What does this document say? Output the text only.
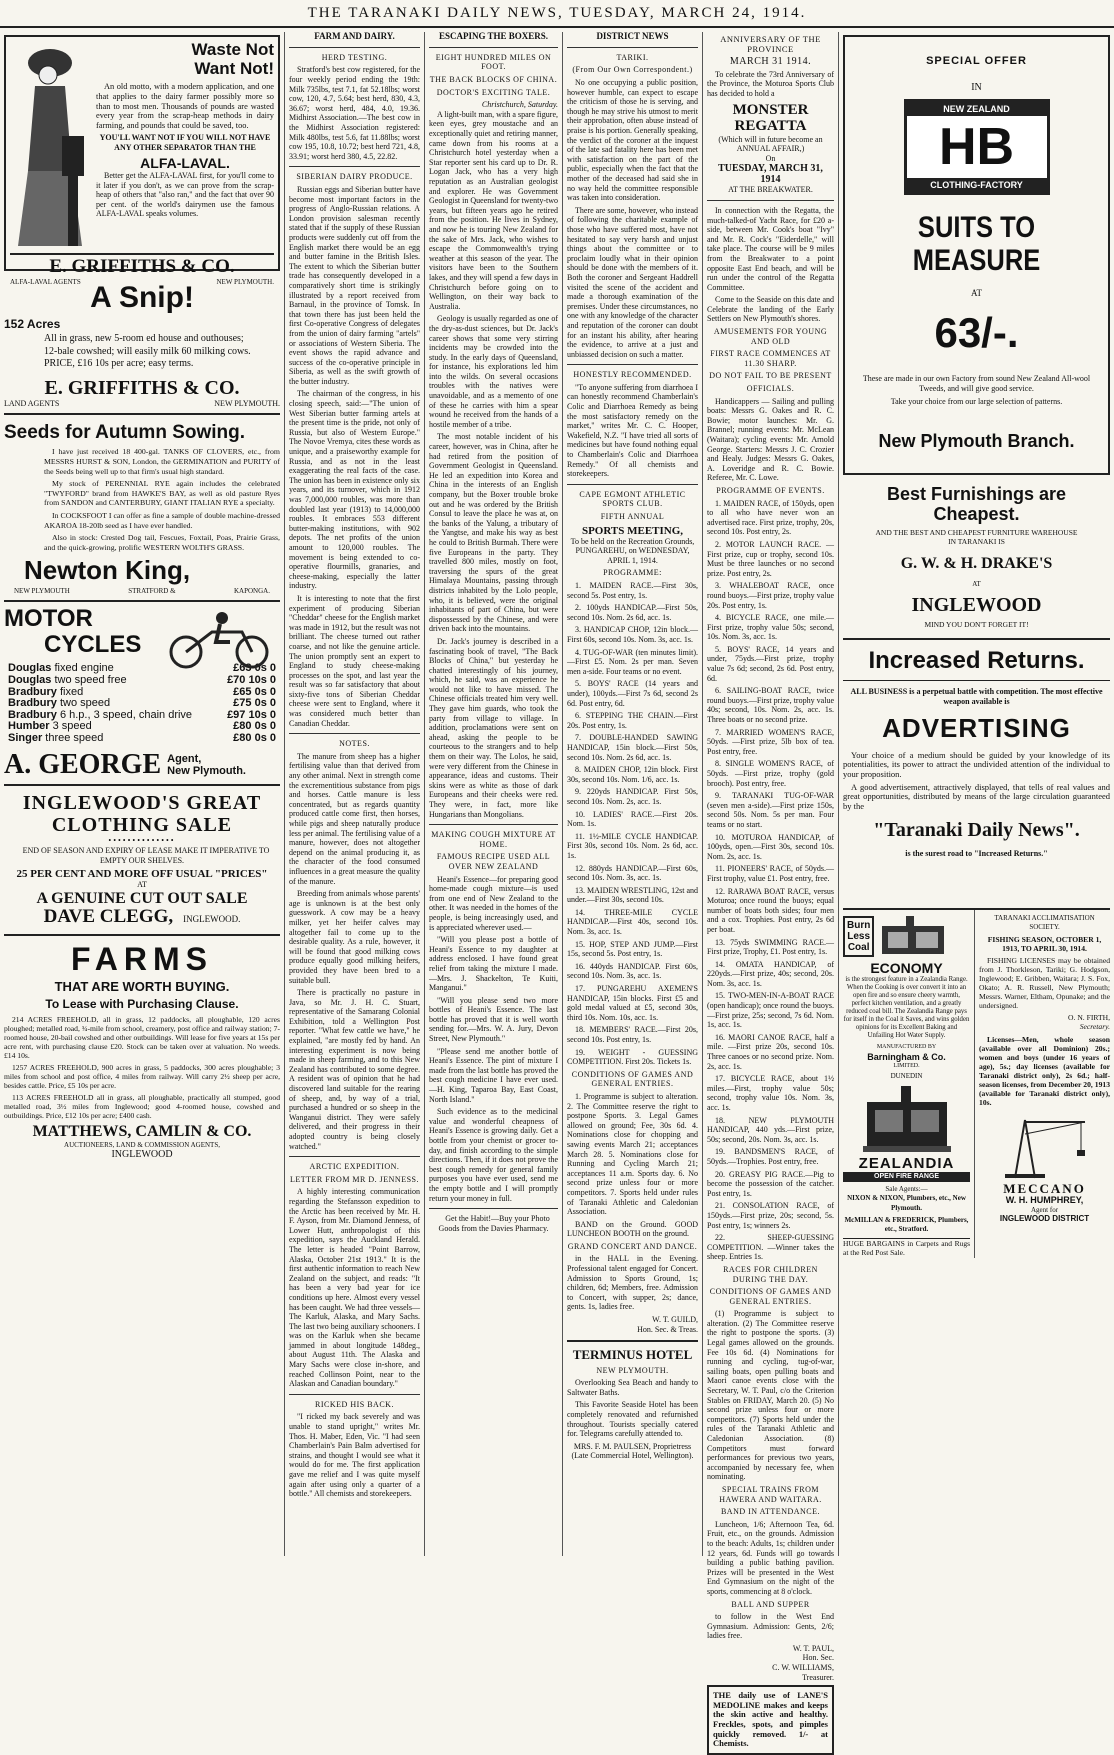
THE TARANAKI DAILY NEWS, TUESDAY, MARCH 24, 1914.
Waste Not
Want Not!

An old motto, with a modern application, and one that applies to the dairy farmer possibly more so than to most men. Thousands of pounds are wasted every year from the scrap-heap methods in dairy farming, and pounds that could be saved, too.

YOU'LL WANT NOT IF YOU WILL NOT HAVE ANY OTHER SEPARATOR THAN THE

ALFA-LAVAL.

Better get the ALFA-LAVAL first, for you'll come to it later if you don't, as we can prove from the scrap-heap of others that "also ran," and the fact that over 90 per cent. of the world's dairymen use the famous ALFA-LAVAL speaks volumes.

E. GRIFFITHS & CO.
ALFA-LAVAL AGENTS	NEW PLYMOUTH.
A Snip!
152 Acres
All in grass, new 5-room ed house and outhouses;
12-bale cowshed; will easily milk 60 milking cows.
PRICE, £16 10s per acre; easy terms.
E. GRIFFITHS & CO.
LAND AGENTS	NEW PLYMOUTH.
Seeds for Autumn Sowing.

I have just received 18 400-gal. TANKS OF CLOVERS, etc., from MESSRS HURST & SON, London, the GERMINATION and PURITY of the Seeds being well up to that firm's usual high standard.

My stock of PERENNIAL RYE again includes the celebrated "TWYFORD" brand from HAWKE'S BAY, as well as old pasture Ryes from SANDON and CANTERBURY, GIANT ITALIAN RYE a specialty.

In COCKSFOOT I can offer as fine a sample of double machine-dressed AKAROA 18-20lb seed as I have ever handled.

Also in stock: Crested Dog tail, Fescues, Foxtail, Poas, Prairie Grass, and the quick-growing, prolific WESTERN WOLTH'S GRASS.

Newton King,
NEW PLYMOUTH	STRATFORD &	KAPONGA.
MOTOR
CYCLES
Douglas fixed engine	£63 0s 0
Douglas two speed free	£70 10s 0
Bradbury fixed	£65 0s 0
Bradbury two speed	£75 0s 0
Bradbury 6 h.p., 3 speed, chain drive	£97 10s 0
Humber 3 speed	£80 0s 0
Singer three speed	£80 0s 0
A. GEORGE Agent,
New Plymouth.
INGLEWOOD'S GREAT
CLOTHING SALE
••••••••••••••

END OF SEASON AND EXPIRY OF LEASE MAKE IT IMPERATIVE TO EMPTY OUR SHELVES.

25 PER CENT AND MORE OFF USUAL "PRICES"
AT
A GENUINE CUT OUT SALE
DAVE CLEGG, INGLEWOOD.
FARMS
THAT ARE WORTH BUYING.
To Lease with Purchasing Clause.

214 ACRES FREEHOLD, all in grass, 12 paddocks, all ploughable, 120 acres ploughed; metalled road, ¾-mile from school, creamery, post office and railway station; 7-roomed house, 20-bail cowshed and other outbuildings. Will lease for five years at 15s per acre rent, with purchasing clause £20. Stock can be taken over at valuation. No weeds. £14 10s.

1257 ACRES FREEHOLD, 900 acres in grass, 5 paddocks, 300 acres ploughable; 3 miles from school and post office, 4 miles from railway. Will carry 2½ sheep per acre, besides cattle. Price, £5 10s per acre.

113 ACRES FREEHOLD all in grass, all ploughable, practically all stumped, good metalled road, 3½ miles from Inglewood; good 4-roomed house, cowshed and outbuildings. Price, £12 10s per acre; £400 cash.

MATTHEWS, CAMLIN & CO.
AUCTIONEERS, LAND & COMMISSION AGENTS,
INGLEWOOD
FARM AND DAIRY.
HERD TESTING.

Stratford's best cow registered, for the four weekly period ending the 19th: Milk 735lbs, test 7.1, fat 52.18lbs; worst cow, 120, 4.7, 5.64; best herd, 830, 4.3, 36.67; worst herd, 484, 4.0, 19.36. Midhirst Association.—The best cow in the Midhirst Association registered: Milk 480lbs, test 5.6, fat 11.88lbs; worst cow 195, 10.8, 10.72; best herd 721, 4.8, 33.91; worst herd 380, 4.5, 22.82.

SIBERIAN DAIRY PRODUCE.

Russian eggs and Siberian butter have become most important factors in the progress of Anglo-Russian relations. A London provision salesman recently stated that if the supply of these Russian products were suddenly cut off from the English market there would be an egg and butter famine in the British Isles. The extent to which the Siberian butter trade has consequently developed in a comparatively short time is strikingly illustrated by a report received from Barnaul, in the province of Tomsk. In that town there has just been held the first Co-operative Congress of delegates from the union of dairy farming "artels" or associations of Western Siberia. The event shows the rapid advance and success of the co-operative principle in Siberia, as well as the swift growth of the butter industry.

The chairman of the congress, in his closing speech, said:—"The union of West Siberian butter farming artels at the present time is the pride, not only of Russia, but also of Western Europe." The Novoe Vremya, cites these words as unique, and a praiseworthy example for Russia, and as not in the least exaggerating the real facts of the case. The union has been in existence only six years, and its turnover, which in 1912 was 7,000,000 roubles, was more than doubled last year (1913) to 14,000,000 roubles. It embraces 553 different butter-making institutions, with 902 depots. The net profits of the union amount to 120,000 roubles. The movement is being extended to co-operative flourmills, granaries, and cheese-making, especially the latter industry.

It is interesting to note that the first experiment of producing Siberian "Cheddar" cheese for the English market was made in 1912, but the result was not brilliant. The cheese turned out rather coarse, and not like the genuine article. The union promptly sent an expert to England to study cheese-making processes on the spot, and last year the result was so far satisfactory that about sixty-five tons of Siberian Cheddar cheese were sent to England, where it was considered much better than Canadian Cheddar.

NOTES.

The manure from sheep has a higher fertilising value than that derived from any other animal. Next in strength come the excrementitious substance from pigs and horses. Cattle manure is less concentrated, but as regards quantity produced cattle come first, then horses, while pigs and sheep naturally produce less per animal. The fertilising value of a manure, however, does not altogether depend on the animal producing it, as the character of the food consumed influences in a great measure the quality of the manure.

Breeding from animals whose parents' age is unknown is at the best only guesswork. A cow may be a heavy milker, yet her heifer calves may altogether fail to come up to the desirable quality. As a rule, however, it will be found that good milking cows produce equally good milking heifers, provided they have been bred to a suitable bull.

There is practically no pasture in Java, so Mr. J. H. C. Stuart, representative of the Samarang Colonial Exhibition, told a Wellington Post reporter. "What few cattle we have," he explained, "are mostly fed by hand. An interesting experiment is now being made in sheep farming, and to this New Zealand has contributed to some degree. A resident was of opinion that he had discovered land suitable for the rearing of sheep, and, by way of a trial, purchased a hundred or so sheep in the Wanganui district. They were safely delivered, and their progress in their adopted country is being closely watched."

ARCTIC EXPEDITION.
LETTER FROM MR D. JENNESS.

A highly interesting communication regarding the Stefansson expedition to the Arctic has been received by Mr. H. F. Ayson, from Mr. Diamond Jenness, of Lower Hutt, anthropologist of this expedition, says the Auckland Herald. The letter is headed "Point Barrow, Alaska, October 21st 1913." It is the first authentic information to reach New Zealand on the subject, and reads: "It has been a very bad year for ice conditions up here. Almost every vessel has been caught. We had three vessels—The Karluk, Alaska, and Mary Sachs. The last two being auxiliary schooners. I was on the Karluk when she became jammed in about longitude 148deg., about August 11th. The Alaska and Mary Sachs were close in-shore, and reached Collinson Point, near to the Alaskan and Canadian boundary."

RICKED HIS BACK.

"I ricked my back severely and was unable to stand upright," writes Mr. Thos. H. Maber, Eden, Vic. "I had seen Chamberlain's Pain Balm advertised for strains, and thought I would see what it would do for me. The first application gave me relief and I was quite myself again after using only a quarter of a bottle." All chemists and storekeepers.

ESCAPING THE BOXERS.
EIGHT HUNDRED MILES ON FOOT.
THE BACK BLOCKS OF CHINA.
DOCTOR'S EXCITING TALE.
Christchurch, Saturday.

A light-built man, with a spare figure, keen eyes, grey moustache and an exceptionally quiet and retiring manner, came down from his rooms at a Christchurch hotel yesterday when a Star reporter sent his card up to Dr. R. Logan Jack, who has a very high reputation as an Australian geologist and explorer. He was Government Geologist in Queensland for twenty-two years, but fifteen years ago he retired from the position. He lives in Sydney, and now he is touring New Zealand for the sake of Mrs. Jack, who wishes to escape the Commonwealth's trying weather at this season of the year. The visitors have been to the Southern lakes, and they will spend a few days in Christchurch before going on to Wellington, on their way back to Australia.

Geology is usually regarded as one of the dry-as-dust sciences, but Dr. Jack's career shows that some very stirring incidents may be crowded into the study. In the early days of Queensland, for instance, his explorations led him into the wilds. On several occasions troubles with the natives were unavoidable, and as a memento of one of these he carries with him a spear wound he received from the hands of a hostile member of a tribe.

The most notable incident of his career, however, was in China, after he had retired from the position of Government Geologist in Queensland. He led an expedition into Korea and China in the interests of an English company, but the Boxer trouble broke out and he was ordered by the British Consul to leave the place he was at, on the banks of the Yalung, a tributary of the Yangtse, and make his way as best he could to British Burmah. There were five Europeans in the party. They travelled 800 miles, mostly on foot, traversing the spurs of the great Himalaya Mountains, passing through districts inhabited by the Lolo people, who, it is believed, were the original inhabitants of part of China, but were dispossessed by the Chinese, and were driven back into the mountains.

Dr. Jack's journey is described in a fascinating book of travel, "The Back Blocks of China," but yesterday he chatted interestingly of his journey, which, he said, was an experience he would not like to have missed. The Chinese officials treated him very well. They gave him guards, who took the party from village to village. In addition, proclamations were sent on ahead, asking the people to be courteous to the strangers and to help them on their way. The Lolos, he said, were very different from the Chinese in appearance, ideas and customs. Their skins were as white as those of dark Europeans and their cheeks were red. They were, in fact, more like Hungarians than Mongolians.

MAKING COUGH MIXTURE AT HOME.
FAMOUS RECIPE USED ALL OVER NEW ZEALAND

Heani's Essence—for preparing good home-made cough mixture—is used from one end of New Zealand to the other. It was needed in the homes of the people, is being increasingly used, and is appreciated wherever used.—

"Will you please post a bottle of Heani's Essence to my daughter at address enclosed. I have found great relief from taking the mixture I made. —Mrs. J. Shackelton, Te Kuiti, Manganui."

"Will you please send two more bottles of Heani's Essence. The last bottle has proved that it is well worth sending for.—Mrs. W. A. Jury, Devon Street, New Plymouth."

"Please send me another bottle of Heani's Essence. The pint of mixture I made from the last bottle has proved the best cough medicine I have ever used.—H. King, Taparoa Bay, East Coast, North Island."

Such evidence as to the medicinal value and wonderful cheapness of Heani's Essence is growing daily. Get a bottle from your chemist or grocer to-day, and finish according to the simple directions. Then, if it does not prove the best cough remedy for general family purposes you have ever used, send me the empty bottle and I will promptly return your money in full.

Get the Habit!—Buy your Photo Goods from the Davies Pharmacy.

DISTRICT NEWS
TARIKI.
(From Our Own Correspondent.)

No one occupying a public position, however humble, can expect to escape the criticism of those he is serving, and though he may strive his utmost to merit their approbation, often abuse instead of praise is his portion. Generally speaking, the verdict of the coroner at the inquest of the late sad fatality here has been met with satisfaction on the part of the public, especially when the fact that the mother of the deceased had said she in no way held the committee responsible was taken into consideration.

There are some, however, who instead of following the charitable example of those who have suffered most, have not hesitated to say very harsh and unjust things about the committee or to proclaim loudly what in their opinion should be done with the members of it. Both the coroner and Sergeant Haddrell visited the scene of the accident and made a thorough examination of the premises. Under these circumstances, no one with any knowledge of the character and reputation of the coroner can doubt for an instant his ability, after hearing the evidence, to arrive at a just and unbiassed decision on such a matter.

HONESTLY RECOMMENDED.

"To anyone suffering from diarrhoea I can honestly recommend Chamberlain's Colic and Diarrhoea Remedy as being the most satisfactory remedy on the market," writes Mr. C. C. Hooper, Wakefield, N.Z. "I have tried all sorts of medicines but have found nothing equal to Chamberlain's Colic and Diarrhoea Remedy." Of all chemists and storekeepers.

CAPE EGMONT ATHLETIC SPORTS CLUB.
FIFTH ANNUAL
SPORTS MEETING,

To be held on the Recreation Grounds, PUNGAREHU, on WEDNESDAY, APRIL 1, 1914.

PROGRAMME:

1. MAIDEN RACE.—First 30s, second 5s. Post entry, 1s.

2. 100yds HANDICAP.—First 50s, second 10s. Nom. 2s 6d, acc. 1s.

3. HANDICAP CHOP, 12in block.—First 60s, second 10s. Nom. 3s, acc. 1s.

4. TUG-OF-WAR (ten minutes limit).—First £5. Nom. 2s per man. Seven men a-side. Four teams or no event.

5. BOYS' RACE (14 years and under), 100yds.—First 7s 6d, second 2s 6d. Post entry, 6d.

6. STEPPING THE CHAIN.—First 20s. Post entry, 1s.

7. DOUBLE-HANDED SAWING HANDICAP, 15in block.—First 50s, second 10s. Nom. 2s 6d, acc. 1s.

8. MAIDEN CHOP, 12in block. First 30s, second 10s. Nom. 1/6, acc. 1s.

9. 220yds HANDICAP. First 50s, second 10s. Nom. 2s, acc. 1s.

10. LADIES' RACE.—First 20s. Nom. 1s.

11. 1½-MILE CYCLE HANDICAP. First 30s, second 10s. Nom. 2s 6d, acc. 1s.

12. 880yds HANDICAP.—First 60s, second 10s. Nom. 3s, acc. 1s.

13. MAIDEN WRESTLING, 12st and under.—First 30s, second 10s.

14. THREE-MILE CYCLE HANDICAP.—First 40s, second 10s. Nom. 3s, acc. 1s.

15. HOP, STEP AND JUMP.—First 15s, second 5s. Post entry, 1s.

16. 440yds HANDICAP. First 60s, second 10s. Nom. 3s, acc. 1s.

17. PUNGAREHU AXEMEN'S HANDICAP, 15in blocks. First £5 and gold medal valued at £5, second 30s, third 10s. Nom. 10s, acc. 1s.

18. MEMBERS' RACE.—First 20s, second 10s. Post entry, 1s.

19. WEIGHT - GUESSING COMPETITION. First 20s. Tickets 1s.

CONDITIONS OF GAMES AND GENERAL ENTRIES.

1. Programme is subject to alteration. 2. The Committee reserve the right to postpone Sports. 3. Legal Games allowed on ground; Fee, 30s 6d. 4. Nominations close for chopping and sawing events March 21; acceptances March 28. 5. Nominations close for Running and Cycling March 21; acceptances 11 a.m. Sports day. 6. No second prize unless four or more competitors. 7. Sports held under rules of Taranaki Athletic and Caledonian Association.

BAND on the Ground. GOOD LUNCHEON BOOTH on the ground.

GRAND CONCERT AND DANCE.

in the HALL in the Evening. Professional talent engaged for Concert. Admission to Sports Ground, 1s; children, 6d; Members, free. Admission to Concert, with supper, 2s; dance, gents. 1s, ladies free.

W. T. GUILD,
Hon. Sec. & Treas.
TERMINUS HOTEL
NEW PLYMOUTH.

Overlooking Sea Beach and handy to Saltwater Baths.

This Favorite Seaside Hotel has been completely renovated and refurnished throughout. Tourists specially catered for. Telegrams carefully attended to.

MRS. F. M. PAULSEN, Proprietress (Late Commercial Hotel, Wellington).

ANNIVERSARY OF THE PROVINCE
MARCH 31 1914.

To celebrate the 73rd Anniversary of the Province, the Moturoa Sports Club has decided to hold a

MONSTER
REGATTA
(Which will in future become an ANNUAL AFFAIR,)
On
TUESDAY, MARCH 31, 1914
AT THE BREAKWATER.

In connection with the Regatta, the much-talked-of Yacht Race, for £20 a-side, between Mr. Cook's boat "Ivy" and Mr. R. Cock's "Eiderdelle," will take place. The course will be 9 miles from the Breakwater to a point opposite East End beach, and will be run under the control of the Regatta Committee.

Come to the Seaside on this date and Celebrate the landing of the Early Settlers on New Plymouth's shores.

AMUSEMENTS FOR YOUNG AND OLD
FIRST RACE COMMENCES AT 11.30 SHARP.
DO NOT FAIL TO BE PRESENT
OFFICIALS.

Handicappers — Sailing and pulling boats: Messrs G. Oakes and R. C. Bowie; motor launches: Mr. G. Brannel; running events: Mr. McLean (Waitara); cycling events: Mr. Arnold George. Starters: Messrs J. C. Crozier and Healy. Judges: Messrs G. Oakes, A. Loveridge and R. C. Bowie. Referee, Mr. C. Lowe.

PROGRAMME OF EVENTS.

1. MAIDEN RACE, of 150yds, open to all who have never won an advertised race. First prize, trophy, 20s, second 10s. Post entry, 2s.

2. MOTOR LAUNCH RACE. — First prize, cup or trophy, second 10s. Must be three launches or no second prize. Post entry, 2s.

3. WHALEBOAT RACE, once round buoys.—First prize, trophy value 20s. Post entry, 1s.

4. BICYCLE RACE, one mile.—First prize, trophy value 50s; second, 10s. Nom. 3s, acc. 1s.

5. BOYS' RACE, 14 years and under, 75yds.—First prize, trophy value 7s 6d; second, 2s 6d. Post entry, 6d.

6. SAILING-BOAT RACE, twice round buoys.—First prize, trophy value 40s; second, 10s. Nom. 2s, acc. 1s. Three boats or no second prize.

7. MARRIED WOMEN'S RACE, 50yds. —First prize, 5lb box of tea. Post entry, free.

8. SINGLE WOMEN'S RACE, of 50yds. —First prize, trophy (gold brooch). Post entry, free.

9. TARANAKI TUG-OF-WAR (seven men a-side).—First prize 150s, second 50s. Nom. 5s per man. Four teams or no start.

10. MOTUROA HANDICAP, of 100yds, open.—First 30s, second 10s. Nom. 2s, acc. 1s.

11. PIONEERS' RACE, of 50yds.—First trophy, value £1. Post entry, free.

12. RARAWA BOAT RACE, versus Moturoa; once round the buoys; equal number of boats both sides; four men and a cox. Trophies. Post entry, 2s 6d per boat.

13. 75yds SWIMMING RACE.—First prize, Trophy, £1. Post entry, 1s.

14. OMATA HANDICAP, of 220yds.—First prize, 40s; second, 20s. Nom. 3s, acc. 1s.

15. TWO-MEN-IN-A-BOAT RACE (open handicap); once round the buoys.—First prize, 25s; second, 7s 6d. Nom. 1s, acc. 1s.

16. MAORI CANOE RACE, half a mile. —First prize 20s, second 10s. Three canoes or no second prize. Nom. 2s, acc. 1s.

17. BICYCLE RACE, about 1½ miles.—First, trophy value 50s; second, trophy value 10s. Nom. 3s, acc. 1s.

18. NEW PLYMOUTH HANDICAP, 440 yds.—First prize, 50s; second, 20s. Nom. 3s, acc. 1s.

19. BANDSMEN'S RACE, of 50yds.—Trophies. Post entry, free.

20. GREASY PIG RACE.—Pig to become the possession of the catcher. Post entry, 1s.

21. CONSOLATION RACE, of 150yds.—First prize, 20s; second, 5s. Post entry, 1s; winners 2s.

22. SHEEP-GUESSING COMPETITION. —Winner takes the sheep. Entries 1s.

RACES FOR CHILDREN DURING THE DAY.
CONDITIONS OF GAMES AND GENERAL ENTRIES.

(1) Programme is subject to alteration. (2) The Committee reserve the right to postpone the sports. (3) Legal games allowed on the grounds. Fee 10s 6d. (4) Nominations for running and cycling, tug-of-war, sailing boats, open pulling boats and Maori canoe events close with the Secretary, W. T. Paul, c/o the Criterion Stables on FRIDAY, March 20. (5) No second prize unless four or more competitors. (7) Sports held under the rules of the Taranaki Athletic and Caledonian Association. (8) Competitors must forward performances for previous two years, accompanied by necessary fee, when nominating.

SPECIAL TRAINS FROM HAWERA AND WAITARA.
BAND IN ATTENDANCE.

Luncheon, 1/6; Afternoon Tea, 6d. Fruit, etc., on the grounds. Admission to the beach: Adults, 1s; children under 12 years, 6d. Funds will go towards building a public bathing pavilion. Prizes will be presented in the West End Gymnasium on the night of the sports, commencing at 8 o'clock.

BALL AND SUPPER

to follow in the West End Gymnasium. Admission: Gents, 2/6; ladies free.

W. T. PAUL,
Hon. Sec.
C. W. WILLIAMS,
Treasurer.
THE daily use of LANE'S MEDOLINE makes and keeps the skin active and healthy. Freckles, spots, and pimples quickly removed. 1/- at Chemists.
SPECIAL OFFER
IN
NEW ZEALAND
HB
CLOTHING-FACTORY
SUITS TO MEASURE
AT
63/-.

These are made in our own Factory from sound New Zealand All-wool Tweeds, and will give good service.

Take your choice from our large selection of patterns.

New Plymouth Branch.
Best Furnishings are Cheapest.
AND THE BEST AND CHEAPEST FURNITURE WAREHOUSE
IN TARANAKI IS
G. W. & H. DRAKE'S
AT
INGLEWOOD
MIND YOU DON'T FORGET IT!
Increased Returns.

ALL BUSINESS is a perpetual battle with competition. The most effective weapon available is

ADVERTISING

Your choice of a medium should be guided by your knowledge of its potentialities, its power to attract the undivided attention of the individual to your proposition.

A good advertisement, attractively displayed, that tells of real values and great opportunities, distributed by means of the large circulation guaranteed by the

"Taranaki Daily News".
is the surest road to "Increased Returns."
Burn
Less
Coal
ECONOMY

is the strongest feature in a Zealandia Range. When the Cooking is over convert it into an open fire and so ensure cheery warmth, perfect kitchen ventilation, and a greatly reduced coal bill. The Zealandia Range pays for itself in the Coal it Saves, and wins golden opinions for its Excellent Baking and Unfailing Hot Water Supply.

MANUFACTURED BY
Barningham & Co.
LIMITED.
DUNEDIN
ZEALANDIA
OPEN FIRE RANGE
Sale Agents:—
NIXON & NIXON, Plumbers, etc., New Plymouth.
McMILLAN & FREDERICK, Plumbers, etc., Stratford.
HUGE BARGAINS in Carpets and Rugs at the Red Post Sale.
TARANAKI ACCLIMATISATION SOCIETY.
FISHING SEASON, OCTOBER 1, 1913, TO APRIL 30, 1914.

FISHING LICENSES may be obtained from J. Thorkleson, Tariki; G. Hodgson, Inglewood; E. Gribben, Waitara; J. S. Fox, Okato; A. R. Russell, New Plymouth; Messrs. Warner, Eltham, Opunake; and the undersigned.

O. N. FIRTH,
Secretary.

Licenses—Men, whole season (available over all Dominion) 20s.; women and boys (under 16 years of age), 5s.; day licenses (available for Taranaki district only), 2s 6d.; half-season licenses, from December 20, 1913 (available for Taranaki district only), 10s.

MECCANO
W. H. HUMPHREY,
Agent for
INGLEWOOD DISTRICT
